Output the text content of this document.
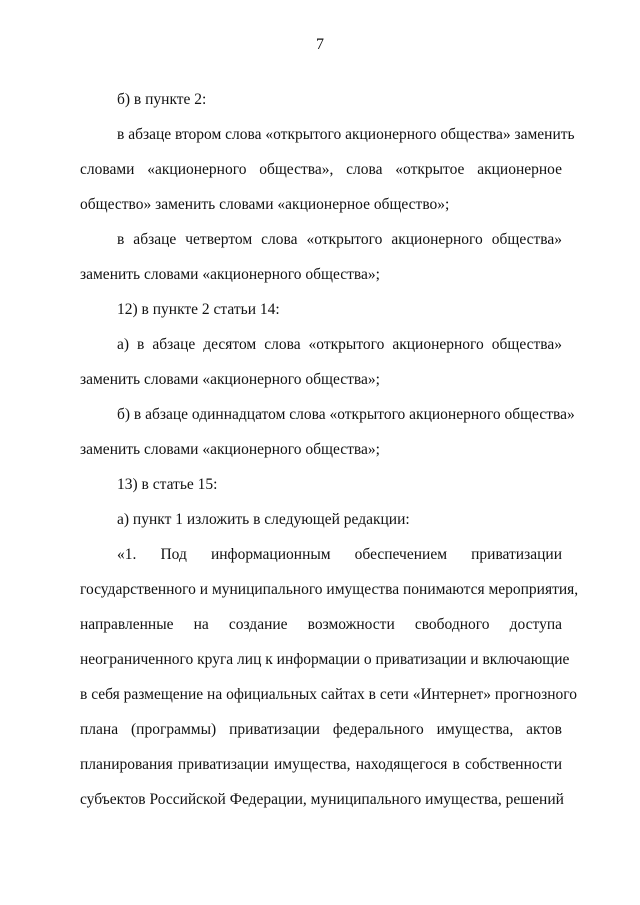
7
б) в пункте 2:
в абзаце втором слова «открытого акционерного общества» заменить
словами «акционерного общества», слова «открытое акционерное
общество» заменить словами «акционерное общество»;
в абзаце четвертом слова «открытого акционерного общества»
заменить словами «акционерного общества»;
12) в пункте 2 статьи 14:
а) в абзаце десятом слова «открытого акционерного общества»
заменить словами «акционерного общества»;
б) в абзаце одиннадцатом слова «открытого акционерного общества»
заменить словами «акционерного общества»;
13) в статье 15:
а) пункт 1 изложить в следующей редакции:
«1. Под информационным обеспечением приватизации
государственного и муниципального имущества понимаются мероприятия,
направленные на создание возможности свободного доступа
неограниченного круга лиц к информации о приватизации и включающие
в себя размещение на официальных сайтах в сети «Интернет» прогнозного
плана (программы) приватизации федерального имущества, актов
планирования приватизации имущества, находящегося в собственности
субъектов Российской Федерации, муниципального имущества, решений
